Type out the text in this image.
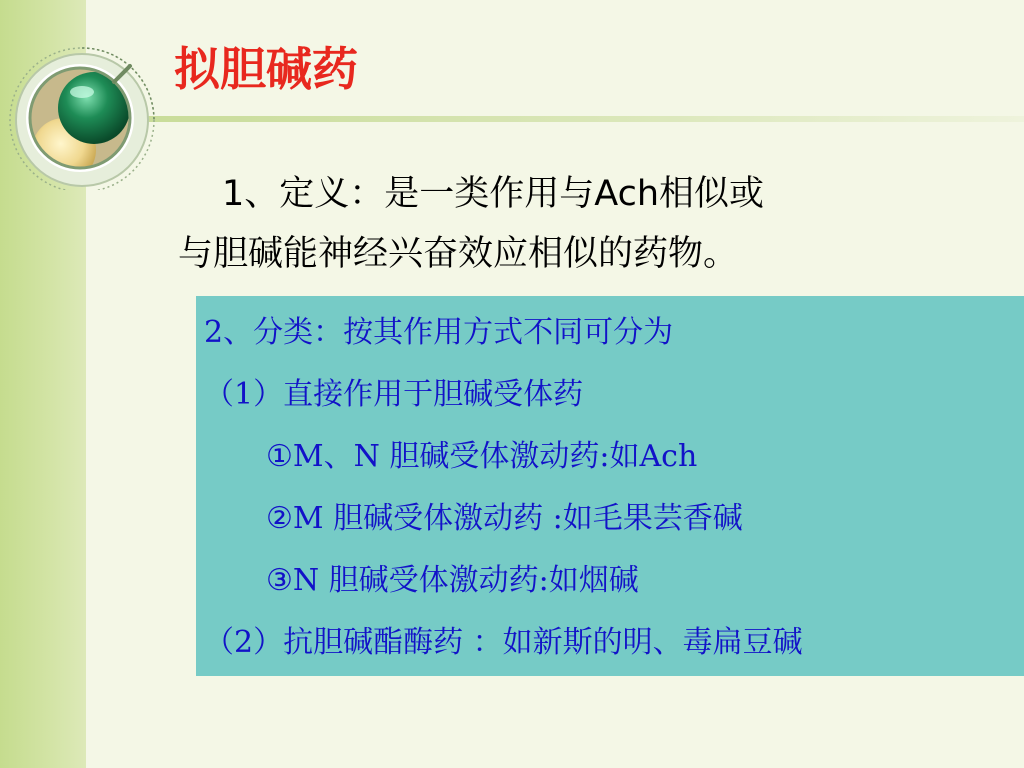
拟胆碱药
1、定义：是一类作用与Ach相似或
与胆碱能神经兴奋效应相似的药物。
2、分类：按其作用方式不同可分为
（1）直接作用于胆碱受体药
①M、N 胆碱受体激动药:如Ach
②M 胆碱受体激动药 :如毛果芸香碱
③N 胆碱受体激动药:如烟碱
（2）抗胆碱酯酶药 ：如新斯的明、毒扁豆碱
